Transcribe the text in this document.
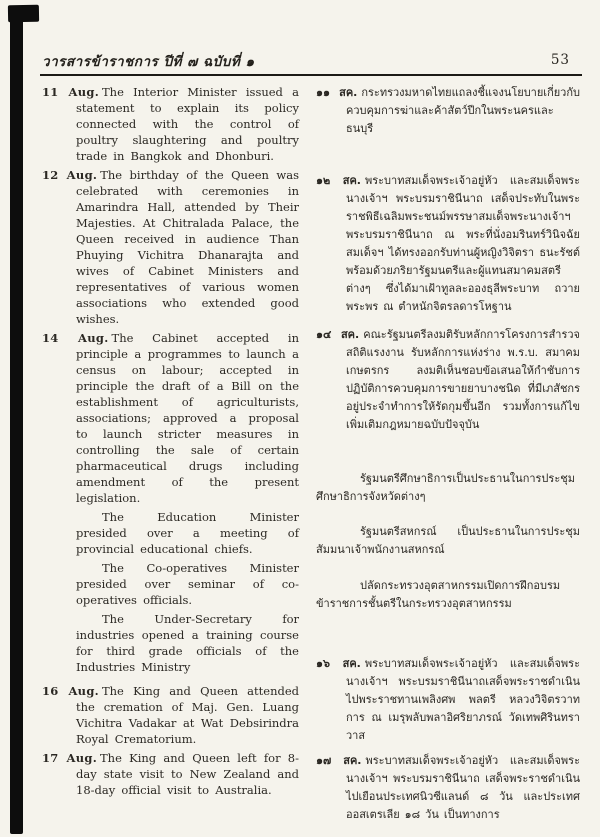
วารสารข้าราชการ ปีที่ ๗ ฉบับที่ ๑	53

11 Aug. The Interior Minister issued a statement to explain its policy connected with the control of poultry slaughtering and poultry trade in Bangkok and Dhonburi.

12 Aug. The birthday of the Queen was celebrated with ceremonies in Amarindra Hall, attended by Their Majesties. At Chitralada Palace, the Queen received in audience Than Phuying Vichitra Dhanarajta and wives of Cabinet Ministers and representatives of various women associations who extended good wishes.

14 Aug. The Cabinet accepted in principle a programmes to launch a census on labour; accepted in principle the draft of a Bill on the establishment of agriculturists, associations; approved a proposal to launch stricter measures in controlling the sale of certain pharmaceutical drugs including amendment of the present legislation.

The Education Minister presided over a meeting of provincial educational chiefs.

The Co-operatives Minister presided over seminar of co-operatives officials.

The Under-Secretary for industries opened a training course for third grade officials of the Industries Ministry

16 Aug. The King and Queen attended the cremation of Maj. Gen. Luang Vichitra Vadakar at Wat Debsirindra Royal Crematorium.

17 Aug. The King and Queen left for 8-day state visit to New Zealand and 18-day official visit to Australia.

๑๑ สค. กระทรวงมหาดไทยแถลงชี้แจงนโยบายเกี่ยวกับ ควบคุมการฆ่าและค้าสัตว์ปีกในพระนครและธนบุรี

๑๒ สค. พระบาทสมเด็จพระเจ้าอยู่หัว และสมเด็จพระนางเจ้าฯ พระบรมราชินีนาถ เสด็จประทับในพระราชพิธีเฉลิมพระชนม์พรรษาสมเด็จพระนางเจ้าฯ พระบรมราชินีนาถ ณ พระที่นั่งอมรินทร์วินิจฉัย สมเด็จฯ ได้ทรงออกรับท่านผู้หญิงวิจิตรา ธนะรัชต์ พร้อมด้วยภริยารัฐมนตรีและผู้แทนสมาคมสตรีต่างๆ ซึ่งได้มาเฝ้าทูลละอองธุลีพระบาท ถวายพระพร ณ ตำหนักจิตรลดารโหฐาน

๑๔ สค. คณะรัฐมนตรีลงมติรับหลักการโครงการสำรวจสถิติแรงงาน รับหลักการแห่งร่าง พ.ร.บ. สมาคมเกษตรกร ลงมติเห็นชอบข้อเสนอให้กำชับการปฏิบัติการควบคุมการขายยาบางชนิด ที่มีเภสัชกรอยู่ประจำทำการให้รัดกุมขึ้นอีก รวมทั้งการแก้ไขเพิ่มเติมกฎหมายฉบับปัจจุบัน

รัฐมนตรีศึกษาธิการเป็นประธานในการประชุมศึกษาธิการจังหวัดต่างๆ

รัฐมนตรีสหกรณ์ เป็นประธานในการประชุมสัมมนาเจ้าพนักงานสหกรณ์

ปลัดกระทรวงอุตสาหกรรมเปิดการฝึกอบรมข้าราชการชั้นตรีในกระทรวงอุตสาหกรรม

๑๖ สค. พระบาทสมเด็จพระเจ้าอยู่หัว และสมเด็จพระนางเจ้าฯ พระบรมราชินีนาถเสด็จพระราชดำเนินไปพระราชทานเพลิงศพ พลตรี หลวงวิจิตรวาทการ ณ เมรุพลับพลาอิศริยาภรณ์ วัดเทพศิรินทราวาส

๑๗ สค. พระบาทสมเด็จพระเจ้าอยู่หัว และสมเด็จพระนางเจ้าฯ พระบรมราชินีนาถ เสด็จพระราชดำเนินไปเยือนประเทศนิวซีแลนด์ ๘ วัน และประเทศออสเตรเลีย ๑๘ วัน เป็นทางการ
